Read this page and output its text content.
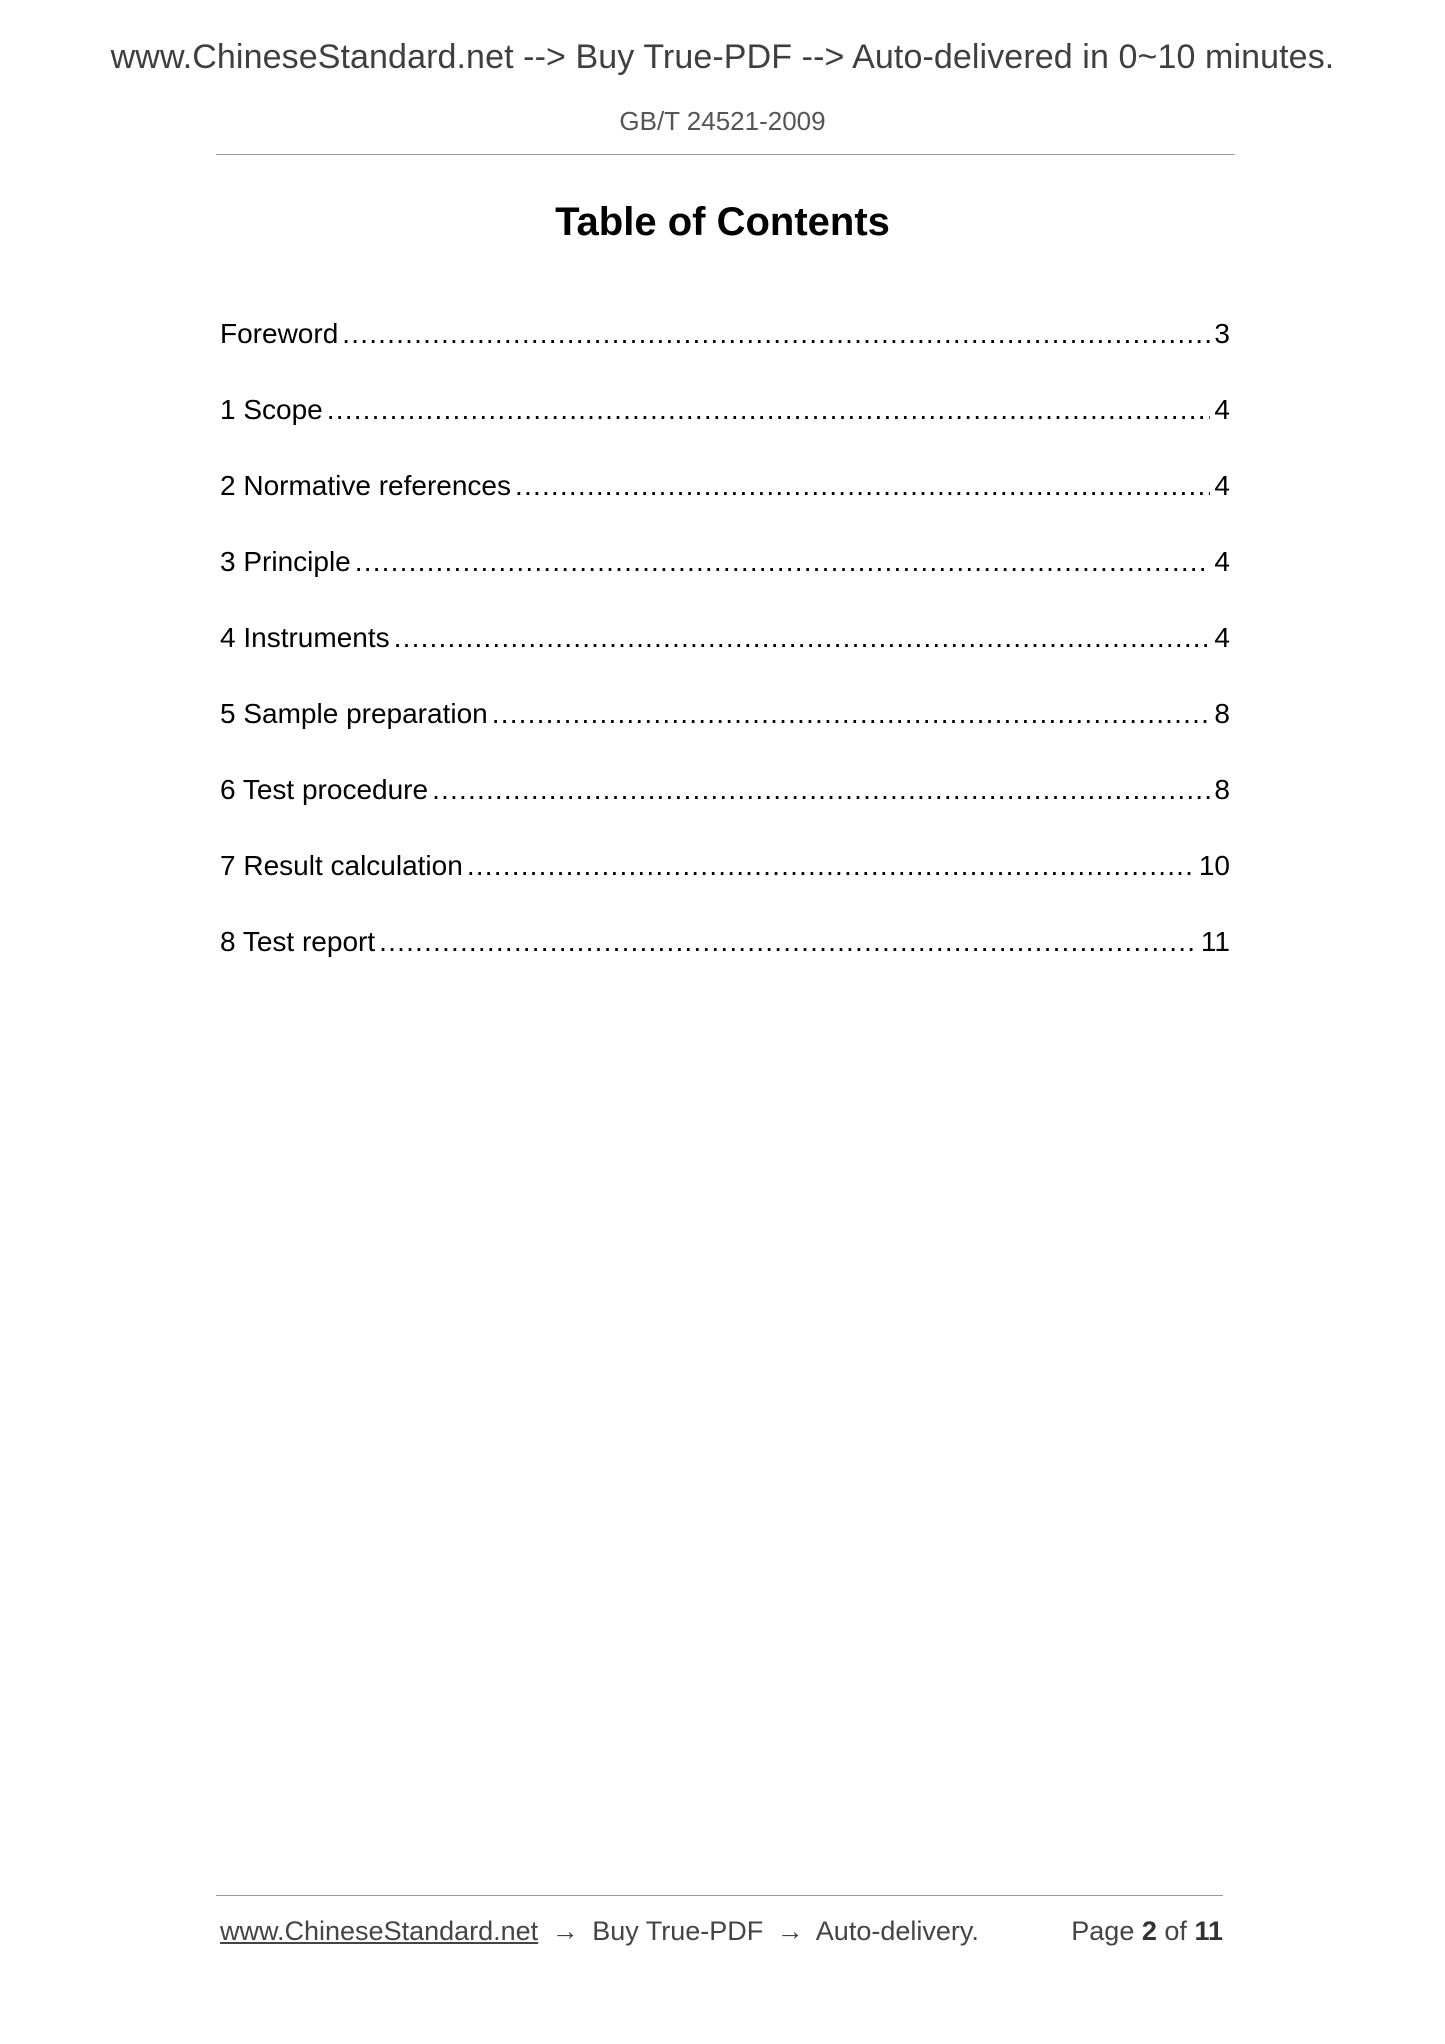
www.ChineseStandard.net --> Buy True-PDF --> Auto-delivered in 0~10 minutes.
GB/T 24521-2009
Table of Contents
Foreword .....	3
1 Scope .....	4
2 Normative references .....	4
3 Principle .....	4
4 Instruments .....	4
5 Sample preparation .....	8
6 Test procedure .....	8
7 Result calculation .....	10
8 Test report .....	11
www.ChineseStandard.net → Buy True-PDF → Auto-delivery.	Page 2 of 11
